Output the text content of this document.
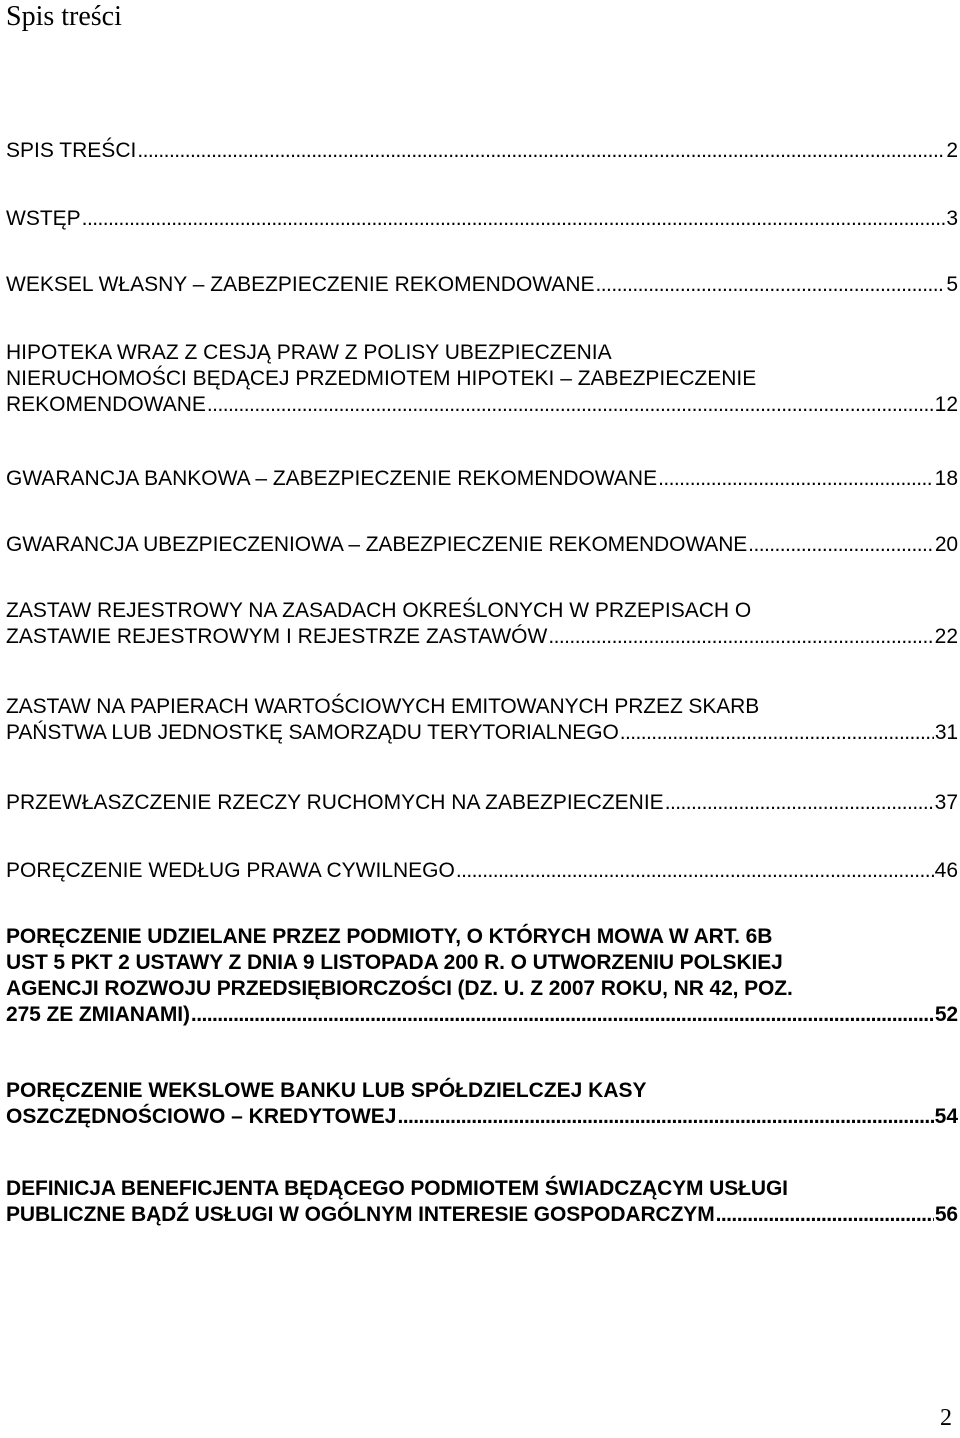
Spis treści
SPIS TREŚCI . . .	2
WSTĘP . . .	3
WEKSEL WŁASNY – ZABEZPIECZENIE REKOMENDOWANE . . .	5
HIPOTEKA WRAZ Z CESJĄ PRAW Z POLISY UBEZPIECZENIA
NIERUCHOMOŚCI BĘDĄCEJ PRZEDMIOTEM HIPOTEKI – ZABEZPIECZENIE
REKOMENDOWANE . . .	12
GWARANCJA BANKOWA – ZABEZPIECZENIE REKOMENDOWANE . . .	18
GWARANCJA UBEZPIECZENIOWA – ZABEZPIECZENIE REKOMENDOWANE . . .	20
ZASTAW REJESTROWY NA ZASADACH OKREŚLONYCH W PRZEPISACH O
ZASTAWIE REJESTROWYM I REJESTRZE ZASTAWÓW . . .	22
ZASTAW NA PAPIERACH WARTOŚCIOWYCH EMITOWANYCH PRZEZ SKARB
PAŃSTWA LUB JEDNOSTKĘ SAMORZĄDU TERYTORIALNEGO . . .	31
PRZEWŁASZCZENIE RZECZY RUCHOMYCH NA ZABEZPIECZENIE . . .	37
PORĘCZENIE WEDŁUG PRAWA CYWILNEGO . . .	46
PORĘCZENIE UDZIELANE PRZEZ PODMIOTY, O KTÓRYCH MOWA W ART. 6B
UST 5 PKT 2 USTAWY Z DNIA 9 LISTOPADA 200 R. O UTWORZENIU POLSKIEJ
AGENCJI ROZWOJU PRZEDSIĘBIORCZOŚCI (DZ. U. Z 2007 ROKU, NR 42, POZ.
275 ZE ZMIANAMI) . . .	52
PORĘCZENIE WEKSLOWE BANKU LUB SPÓŁDZIELCZEJ KASY
OSZCZĘDNOŚCIOWO – KREDYTOWEJ . . .	54
DEFINICJA BENEFICJENTA BĘDĄCEGO PODMIOTEM ŚWIADCZĄCYM USŁUGI
PUBLICZNE BĄDŹ USŁUGI W OGÓLNYM INTERESIE GOSPODARCZYM . . .	56
2
